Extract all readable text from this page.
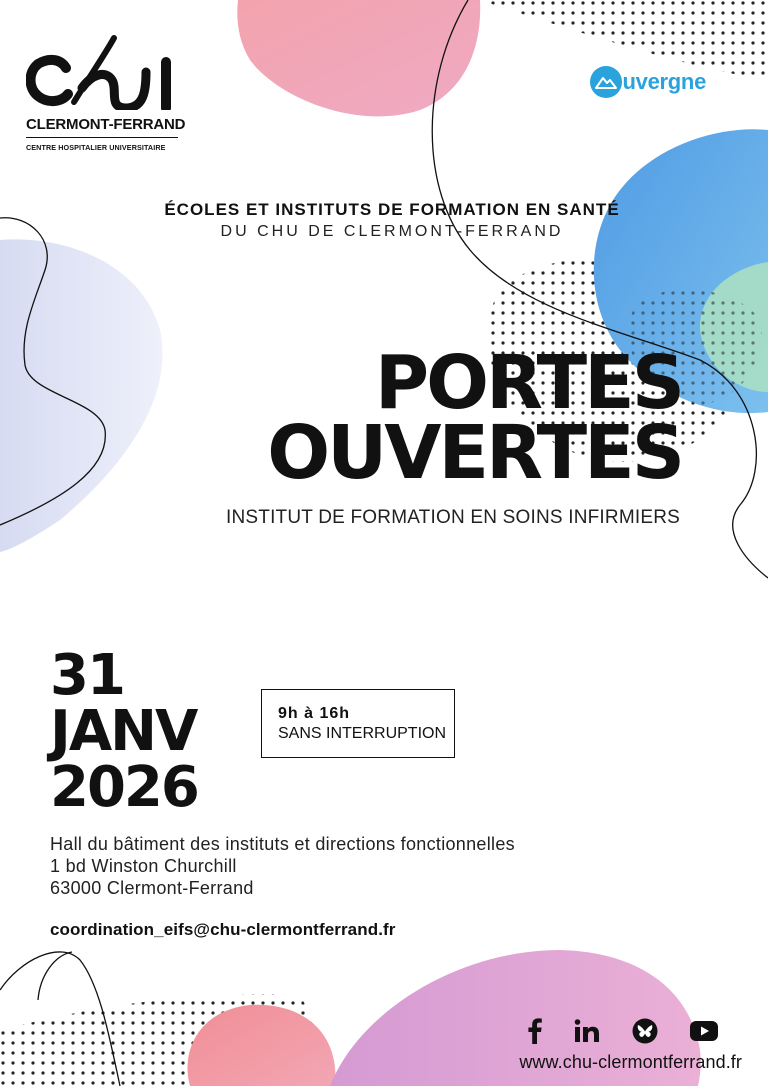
CLERMONT-FERRAND
CENTRE HOSPITALIER UNIVERSITAIRE
uvergne
ÉCOLES ET INSTITUTS DE FORMATION EN SANTÉ
DU CHU DE CLERMONT-FERRAND
PORTES
OUVERTES
INSTITUT DE FORMATION EN SOINS INFIRMIERS
31
JANV
2026
9h à 16h
SANS INTERRUPTION
Hall du bâtiment des instituts et directions fonctionnelles
1 bd Winston Churchill
63000 Clermont-Ferrand
coordination_eifs@chu-clermontferrand.fr
www.chu-clermontferrand.fr
